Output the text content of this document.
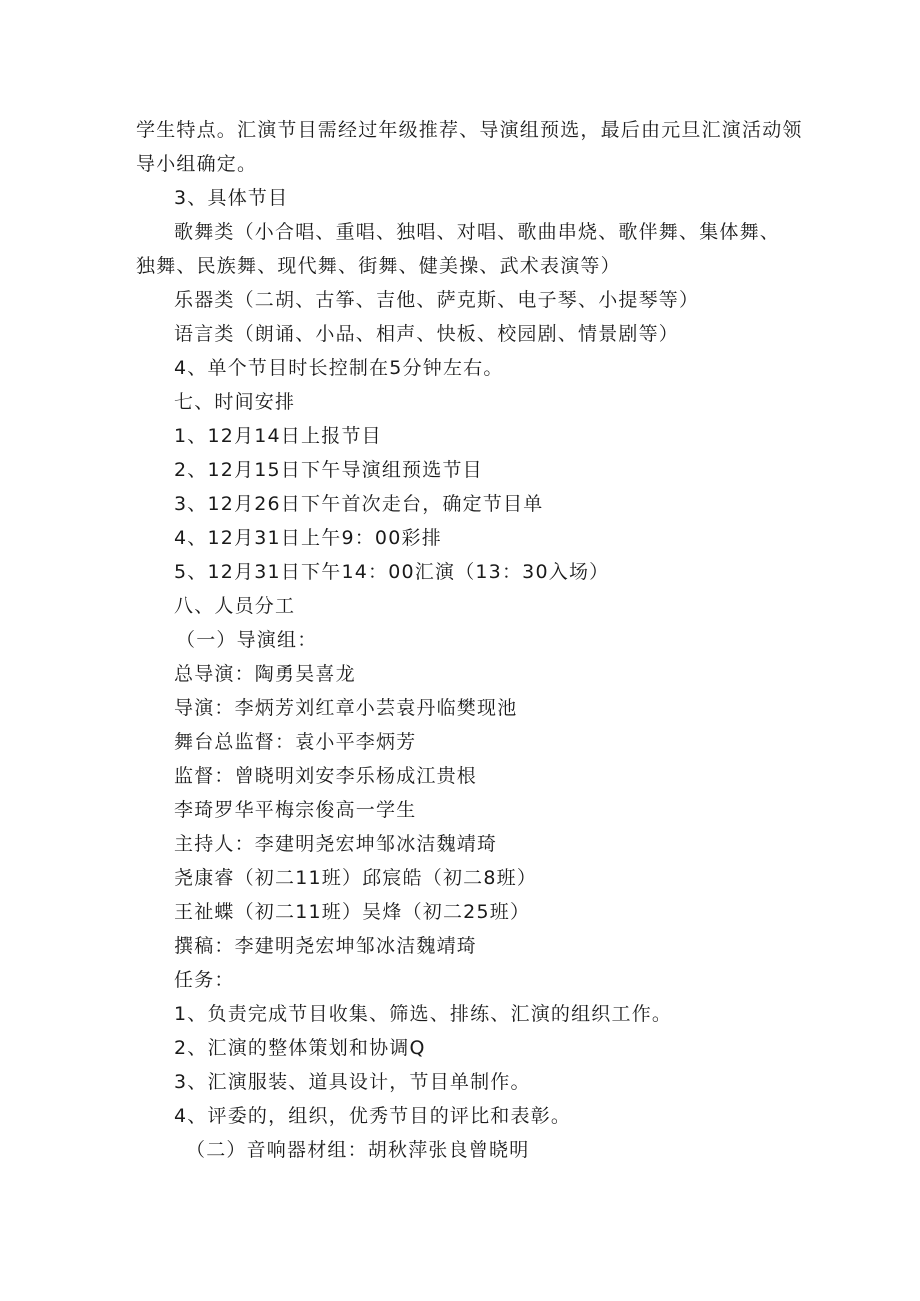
学生特点。汇演节目需经过年级推荐、导演组预选，最后由元旦汇演活动领
导小组确定。
3、具体节目
歌舞类（小合唱、重唱、独唱、对唱、歌曲串烧、歌伴舞、集体舞、
独舞、民族舞、现代舞、街舞、健美操、武术表演等）
乐器类（二胡、古筝、吉他、萨克斯、电子琴、小提琴等）
语言类（朗诵、小品、相声、快板、校园剧、情景剧等）
4、单个节目时长控制在5分钟左右。
七、时间安排
1、12月14日上报节目
2、12月15日下午导演组预选节目
3、12月26日下午首次走台，确定节目单
4、12月31日上午9：00彩排
5、12月31日下午14：00汇演（13：30入场）
八、人员分工
（一）导演组：
总导演：陶勇吴喜龙
导演：李炳芳刘红章小芸袁丹临樊现池
舞台总监督：袁小平李炳芳
监督：曾晓明刘安李乐杨成江贵根
李琦罗华平梅宗俊高一学生
主持人：李建明尧宏坤邹冰洁魏靖琦
尧康睿（初二11班）邱宸皓（初二8班）
王祉蝶（初二11班）吴烽（初二25班）
撰稿：李建明尧宏坤邹冰洁魏靖琦
任务：
1、负责完成节目收集、筛选、排练、汇演的组织工作。
2、汇演的整体策划和协调Q
3、汇演服装、道具设计，节目单制作。
4、评委的，组织，优秀节目的评比和表彰。
（二）音响器材组：胡秋萍张良曾晓明
